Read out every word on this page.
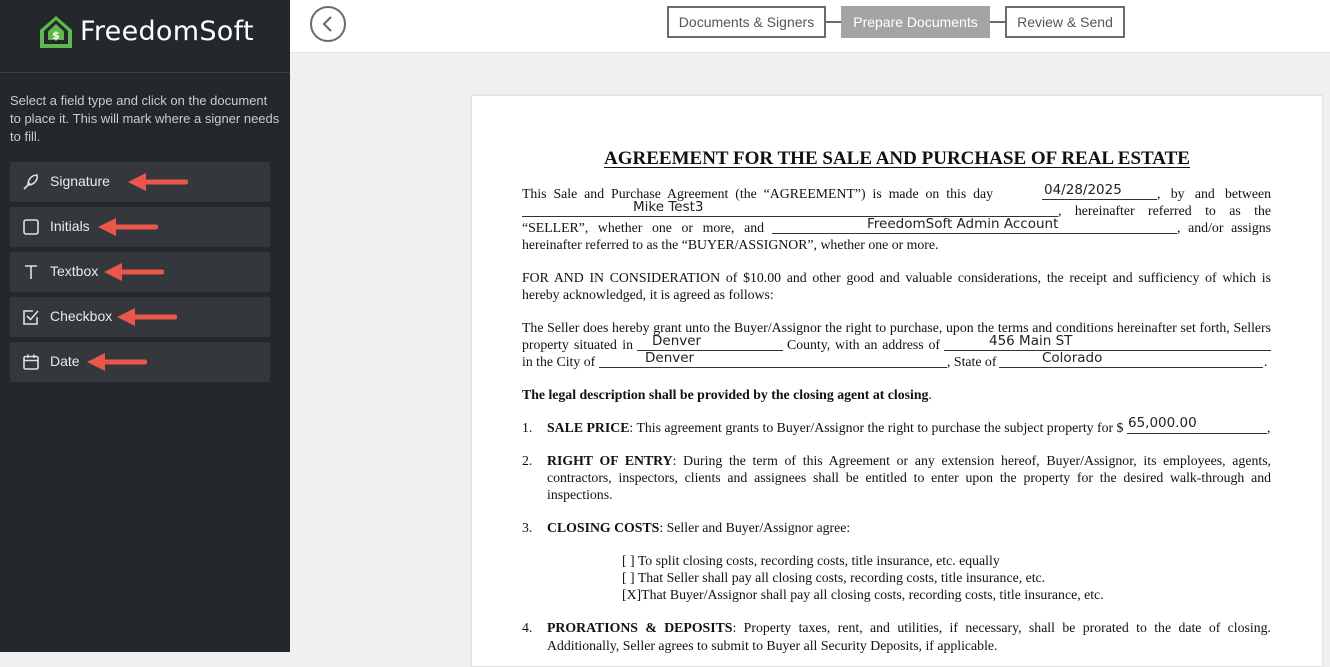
$ FreedomSoft
Select a field type and click on the document to place it. This will mark where a signer needs to fill.
Signature
Initials
Textbox
Checkbox
Date
Documents & Signers	Prepare Documents	Review & Send
AGREEMENT FOR THE SALE AND PURCHASE OF REAL ESTATE
This Sale and Purchase Agreement (the “AGREEMENT”) is made on this day	04/28/2025	, by and between
Mike Test3	, hereinafter referred to as the
“SELLER”, whether one or more, and	FreedomSoft Admin Account	, and/or assigns
hereinafter referred to as the “BUYER/ASSIGNOR”, whether one or more.
FOR AND IN CONSIDERATION of $10.00 and other good and valuable considerations, the receipt and sufficiency of which is
hereby acknowledged, it is agreed as follows:
The Seller does hereby grant unto the Buyer/Assignor the right to purchase, upon the terms and conditions hereinafter set forth, Sellers
property situated in Denver	County, with an address of	456 Main ST
in the City of	Denver	, State of	Colorado	.
The legal description shall be provided by the closing agent at closing.
1. SALE PRICE: This agreement grants to Buyer/Assignor the right to purchase the subject property for $ 65,000.00	,
2. RIGHT OF ENTRY: During the term of this Agreement or any extension hereof, Buyer/Assignor, its employees, agents,
contractors, inspectors, clients and assignees shall be entitled to enter upon the property for the desired walk-through and
inspections.
3. CLOSING COSTS: Seller and Buyer/Assignor agree:
[ ] To split closing costs, recording costs, title insurance, etc. equally
[ ] That Seller shall pay all closing costs, recording costs, title insurance, etc.
[X]That Buyer/Assignor shall pay all closing costs, recording costs, title insurance, etc.
4. PRORATIONS & DEPOSITS: Property taxes, rent, and utilities, if necessary, shall be prorated to the date of closing.
Additionally, Seller agrees to submit to Buyer all Security Deposits, if applicable.
